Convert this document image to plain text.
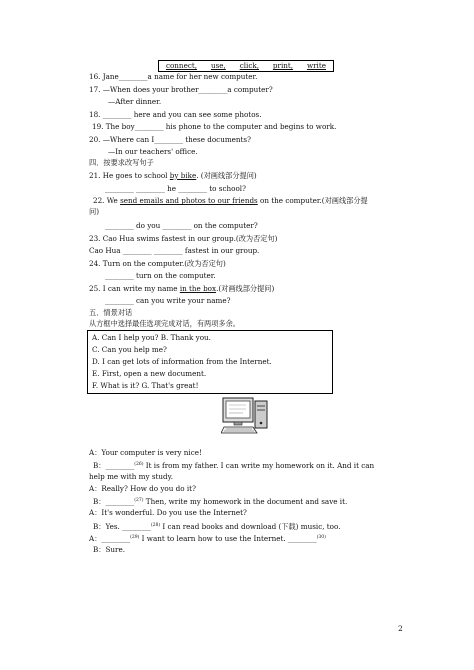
connect, use, click, print, write
16. Jane________a name for her new computer.
17. —When does your brother________a computer?
—After dinner.
18. ________ here and you can see some photos.
19. The boy________ his phone to the computer and begins to work.
20. —Where can I________ these documents?
—In our teachers' office.
四．按要求改写句子
21. He goes to school by bike. (对画线部分提问)
________ ________ he ________ to school?
22. We send emails and photos to our friends on the computer.(对画线部分提
问)
________ do you ________ on the computer?
23. Cao Hua swims fastest in our group.(改为否定句)
Cao Hua ________ ________ fastest in our group.
24. Turn on the computer.(改为否定句)
________ turn on the computer.
25. I can write my name in the box.(对画线部分提问)
________ can you write your name?
五．情景对话
从方框中选择最佳选项完成对话，有两项多余。
A. Can I help you? B. Thank you.
C. Can you help me?
D. I can get lots of information from the Internet.
E. First, open a new document.
F. What is it? G. That's great!
A：Your computer is very nice!
B：________$^{(26)}$ It is from my father. I can write my homework on it. And it can
help me with my study.
A：Really? How do you do it?
B：________$^{(27)}$ Then, write my homework in the document and save it.
A：It's wonderful. Do you use the Internet?
B：Yes. ________$^{(28)}$ I can read books and download (下载) music, too.
A：________$^{(29)}$ I want to learn how to use the Internet. ________$^{(30)}$
B：Sure.
2
